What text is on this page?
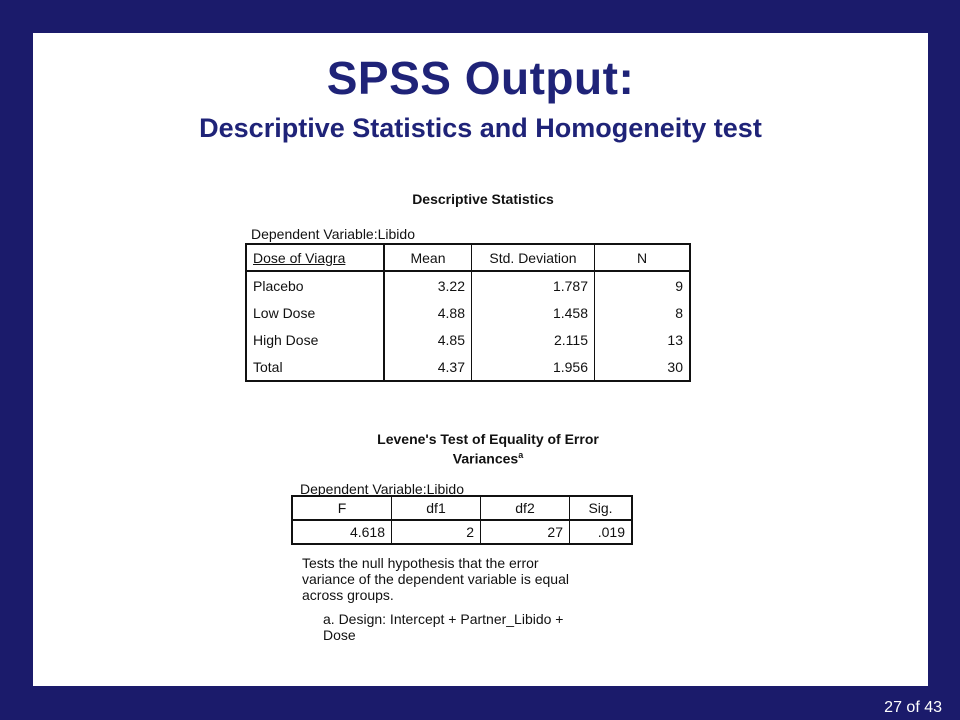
SPSS Output:
Descriptive Statistics and Homogeneity test
Descriptive Statistics
Dependent Variable:Libido
Dose of Viagra	Mean	Std. Deviation	N
Placebo	3.22	1.787	9
Low Dose	4.88	1.458	8
High Dose	4.85	2.115	13
Total	4.37	1.956	30
Levene's Test of Equality of Error
Variances$^a$
Dependent Variable:Libido
F	df1	df2	Sig.
4.618	2	27	.019
Tests the null hypothesis that the error
variance of the dependent variable is equal
across groups.
a. Design: Intercept + Partner_Libido +
Dose
27 of 43
